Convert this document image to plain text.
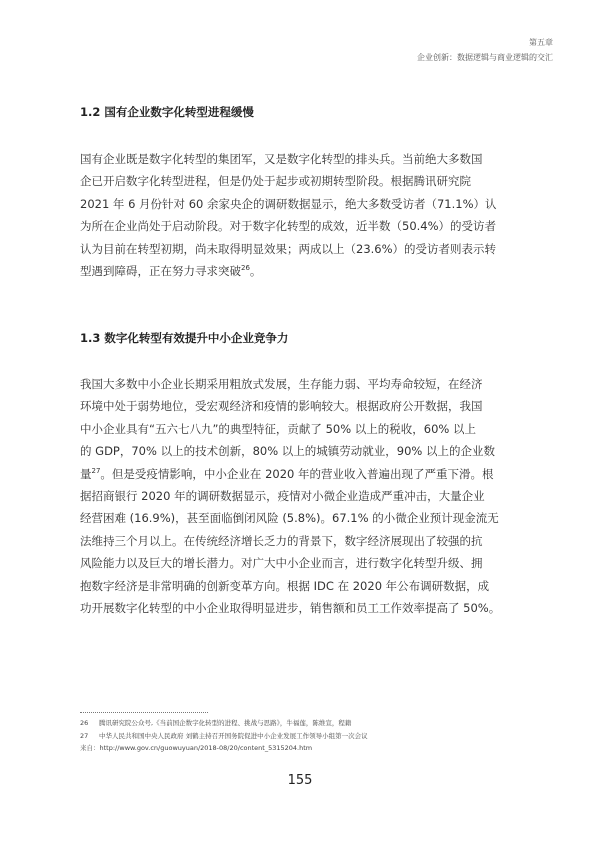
第五章
企业创新：数据逻辑与商业逻辑的交汇
1.2 国有企业数字化转型进程缓慢

国有企业既是数字化转型的集团军，又是数字化转型的排头兵。当前绝大多数国
企已开启数字化转型进程，但是仍处于起步或初期转型阶段。根据腾讯研究院
2021 年 6 月份针对 60 余家央企的调研数据显示，绝大多数受访者（71.1%）认
为所在企业尚处于启动阶段。对于数字化转型的成效，近半数（50.4%）的受访者
认为目前在转型初期，尚未取得明显效果；两成以上（23.6%）的受访者则表示转
型遇到障碍，正在努力寻求突破$^{26}$。

1.3 数字化转型有效提升中小企业竞争力

我国大多数中小企业长期采用粗放式发展，生存能力弱、平均寿命较短，在经济
环境中处于弱势地位，受宏观经济和疫情的影响较大。根据政府公开数据，我国
中小企业具有“五六七八九”的典型特征，贡献了 50% 以上的税收，60% 以上
的 GDP，70% 以上的技术创新，80% 以上的城镇劳动就业，90% 以上的企业数
量$^{27}$。但是受疫情影响，中小企业在 2020 年的营业收入普遍出现了严重下滑。根
据招商银行 2020 年的调研数据显示，疫情对小微企业造成严重冲击，大量企业
经营困难 (16.9%)，甚至面临倒闭风险 (5.8%)。67.1% 的小微企业预计现金流无
法维持三个月以上。在传统经济增长乏力的背景下，数字经济展现出了较强的抗
风险能力以及巨大的增长潜力。对广大中小企业而言，进行数字化转型升级、拥
抱数字经济是非常明确的创新变革方向。根据 IDC 在 2020 年公布调研数据，成
功开展数字化转型的中小企业取得明显进步，销售额和员工工作效率提高了 50%。

26 腾讯研究院公众号,《当前国企数字化转型的进程、挑战与思路》，牛福莲，陈维宣，程籍
27 中华人民共和国中央人民政府 刘鹤主持召开国务院促进中小企业发展工作领导小组第一次会议
来自：http://www.gov.cn/guowuyuan/2018-08/20/content_5315204.htm
155
